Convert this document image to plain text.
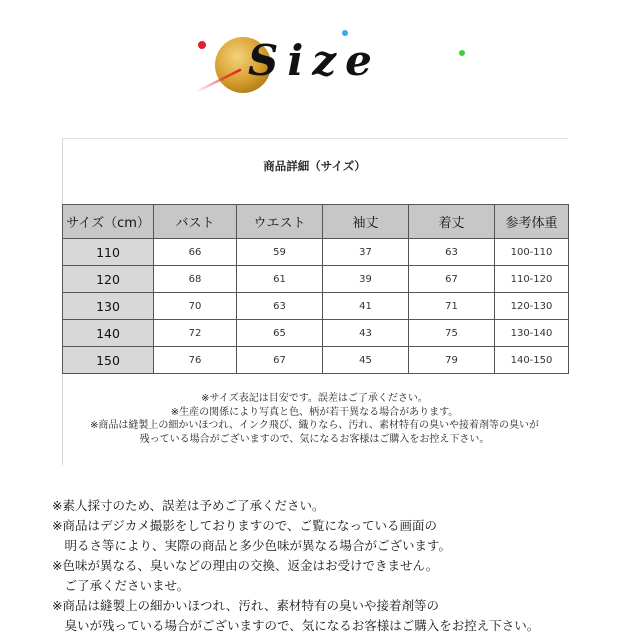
Size
商品詳細（サイズ）
サイズ（cm）	バスト	ウエスト	袖丈	着丈	参考体重
110	66	59	37	63	100-110
120	68	61	39	67	110-120
130	70	63	41	71	120-130
140	72	65	43	75	130-140
150	76	67	45	79	140-150
※サイズ表記は目安です。誤差はご了承ください。
※生産の関係により写真と色、柄が若干異なる場合があります。
※商品は縫製上の細かいほつれ、インク飛び、織りなら、汚れ、素材特有の臭いや接着剤等の臭いが
残っている場合がございますので、気になるお客様はご購入をお控え下さい。
※素人採寸のため、誤差は予めご了承ください。
※商品はデジカメ撮影をしておりますので、ご覧になっている画面の
　明るさ等により、実際の商品と多少色味が異なる場合がございます。
※色味が異なる、臭いなどの理由の交換、返金はお受けできません。
　ご了承くださいませ。
※商品は縫製上の細かいほつれ、汚れ、素材特有の臭いや接着剤等の
　臭いが残っている場合がございますので、気になるお客様はご購入をお控え下さい。
